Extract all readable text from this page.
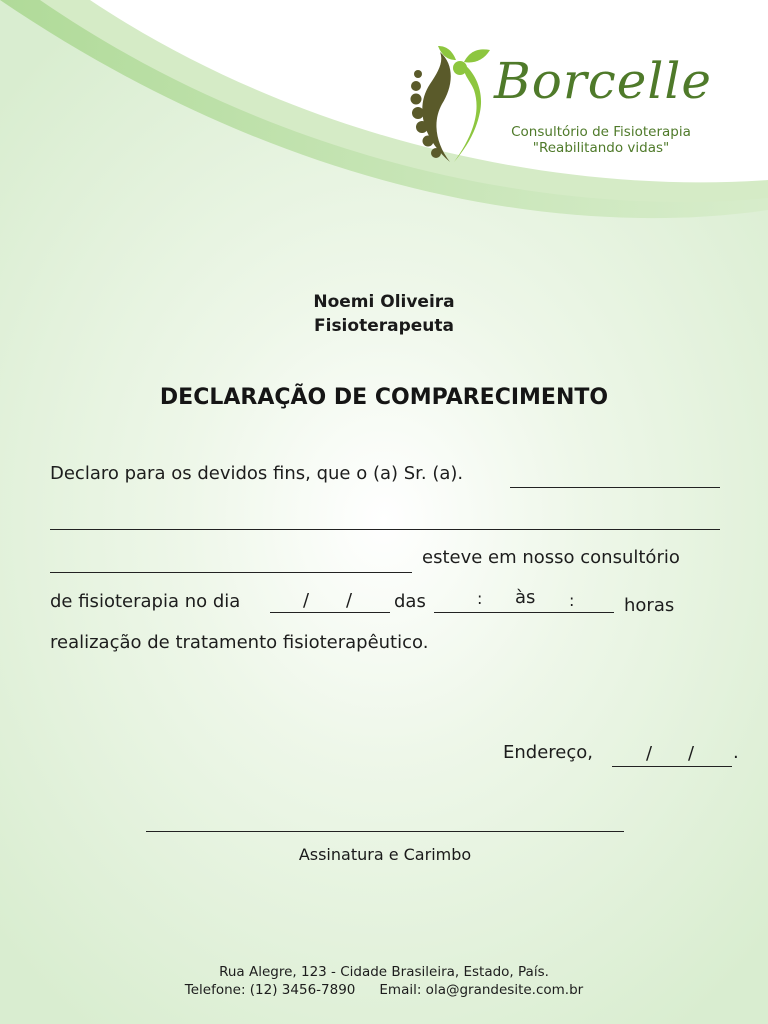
Borcelle
Consultório de Fisioterapia
"Reabilitando vidas"
Noemi Oliveira
Fisioterapeuta
DECLARAÇÃO DE COMPARECIMENTO
Declaro para os devidos fins, que o (a) Sr. (a).
esteve em nosso consultório
de fisioterapia no dia	/ / das	: às :	horas
realização de tratamento fisioterapêutico.
Endereço,	/ / .
Assinatura e Carimbo
Rua Alegre, 123 - Cidade Brasileira, Estado, País.
Telefone: (12) 3456-7890 Email: ola@grandesite.com.br
